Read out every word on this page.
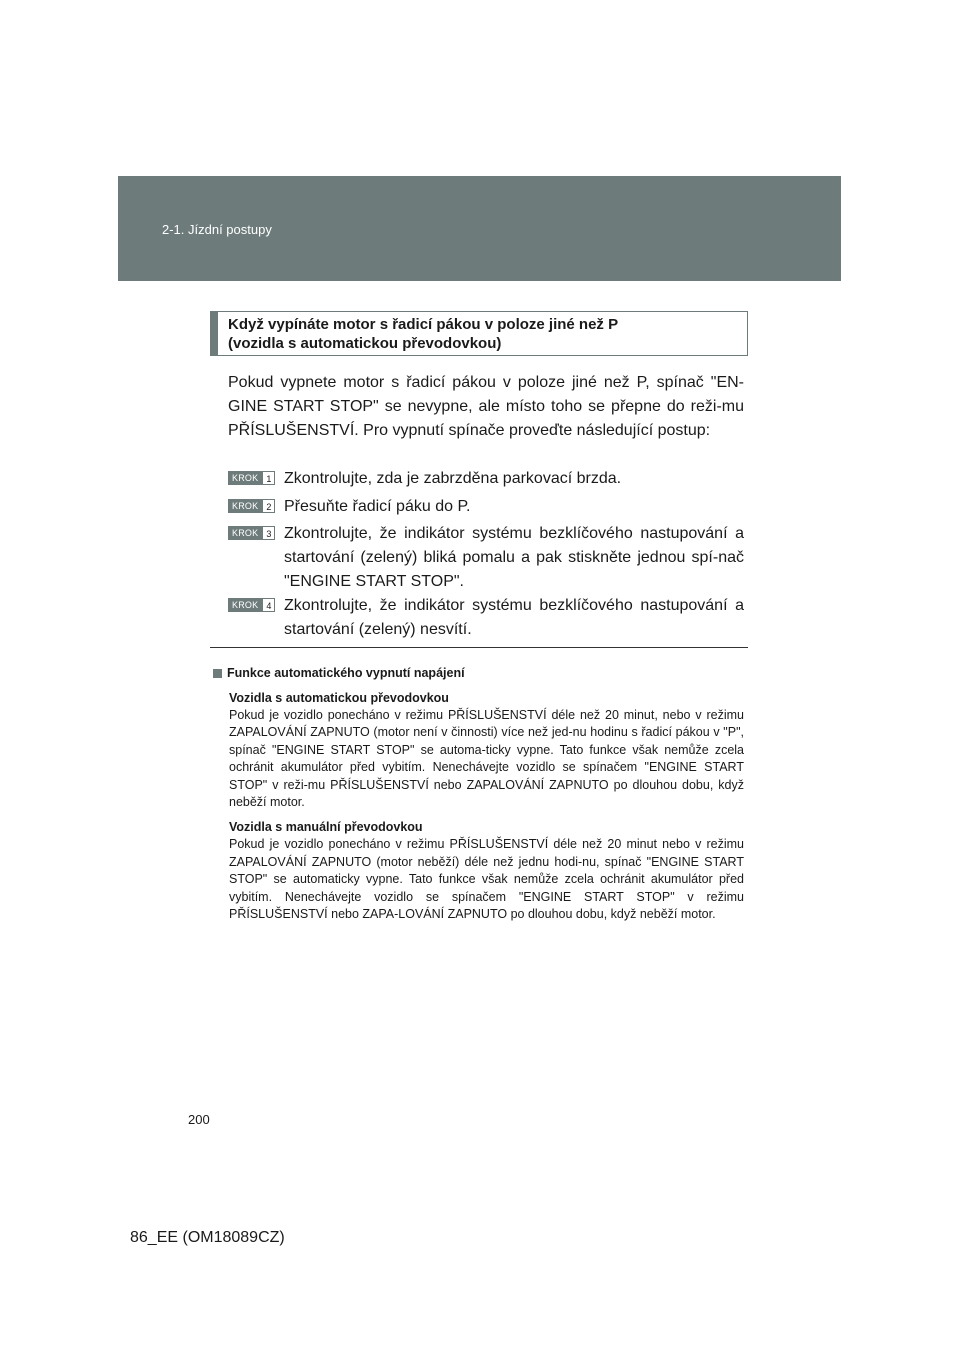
2-1. Jízdní postupy
Když vypínáte motor s řadicí pákou v poloze jiné než P
(vozidla s automatickou převodovkou)
Pokud vypnete motor s řadicí pákou v poloze jiné než P, spínač "EN-GINE START STOP" se nevypne, ale místo toho se přepne do reži-mu PŘÍSLUŠENSTVÍ. Pro vypnutí spínače proveďte následující postup:
KROK 1 Zkontrolujte, zda je zabrzděna parkovací brzda.
KROK 2 Přesuňte řadicí páku do P.
KROK 3 Zkontrolujte, že indikátor systému bezklíčového nastupování a startování (zelený) bliká pomalu a pak stiskněte jednou spí-nač "ENGINE START STOP".
KROK 4 Zkontrolujte, že indikátor systému bezklíčového nastupování a startování (zelený) nesvítí.
Funkce automatického vypnutí napájení
Vozidla s automatickou převodovkou
Pokud je vozidlo ponecháno v režimu PŘÍSLUŠENSTVÍ déle než 20 minut, nebo v režimu ZAPALOVÁNÍ ZAPNUTO (motor není v činnosti) více než jed-nu hodinu s řadicí pákou v "P", spínač "ENGINE START STOP" se automa-ticky vypne. Tato funkce však nemůže zcela ochránit akumulátor před vybitím. Nenechávejte vozidlo se spínačem "ENGINE START STOP" v reži-mu PŘÍSLUŠENSTVÍ nebo ZAPALOVÁNÍ ZAPNUTO po dlouhou dobu, když neběží motor.
Vozidla s manuální převodovkou
Pokud je vozidlo ponecháno v režimu PŘÍSLUŠENSTVÍ déle než 20 minut nebo v režimu ZAPALOVÁNÍ ZAPNUTO (motor neběží) déle než jednu hodi-nu, spínač "ENGINE START STOP" se automaticky vypne. Tato funkce však nemůže zcela ochránit akumulátor před vybitím. Nenechávejte vozidlo se spínačem "ENGINE START STOP" v režimu PŘÍSLUŠENSTVÍ nebo ZAPA-LOVÁNÍ ZAPNUTO po dlouhou dobu, když neběží motor.
200
86_EE (OM18089CZ)
